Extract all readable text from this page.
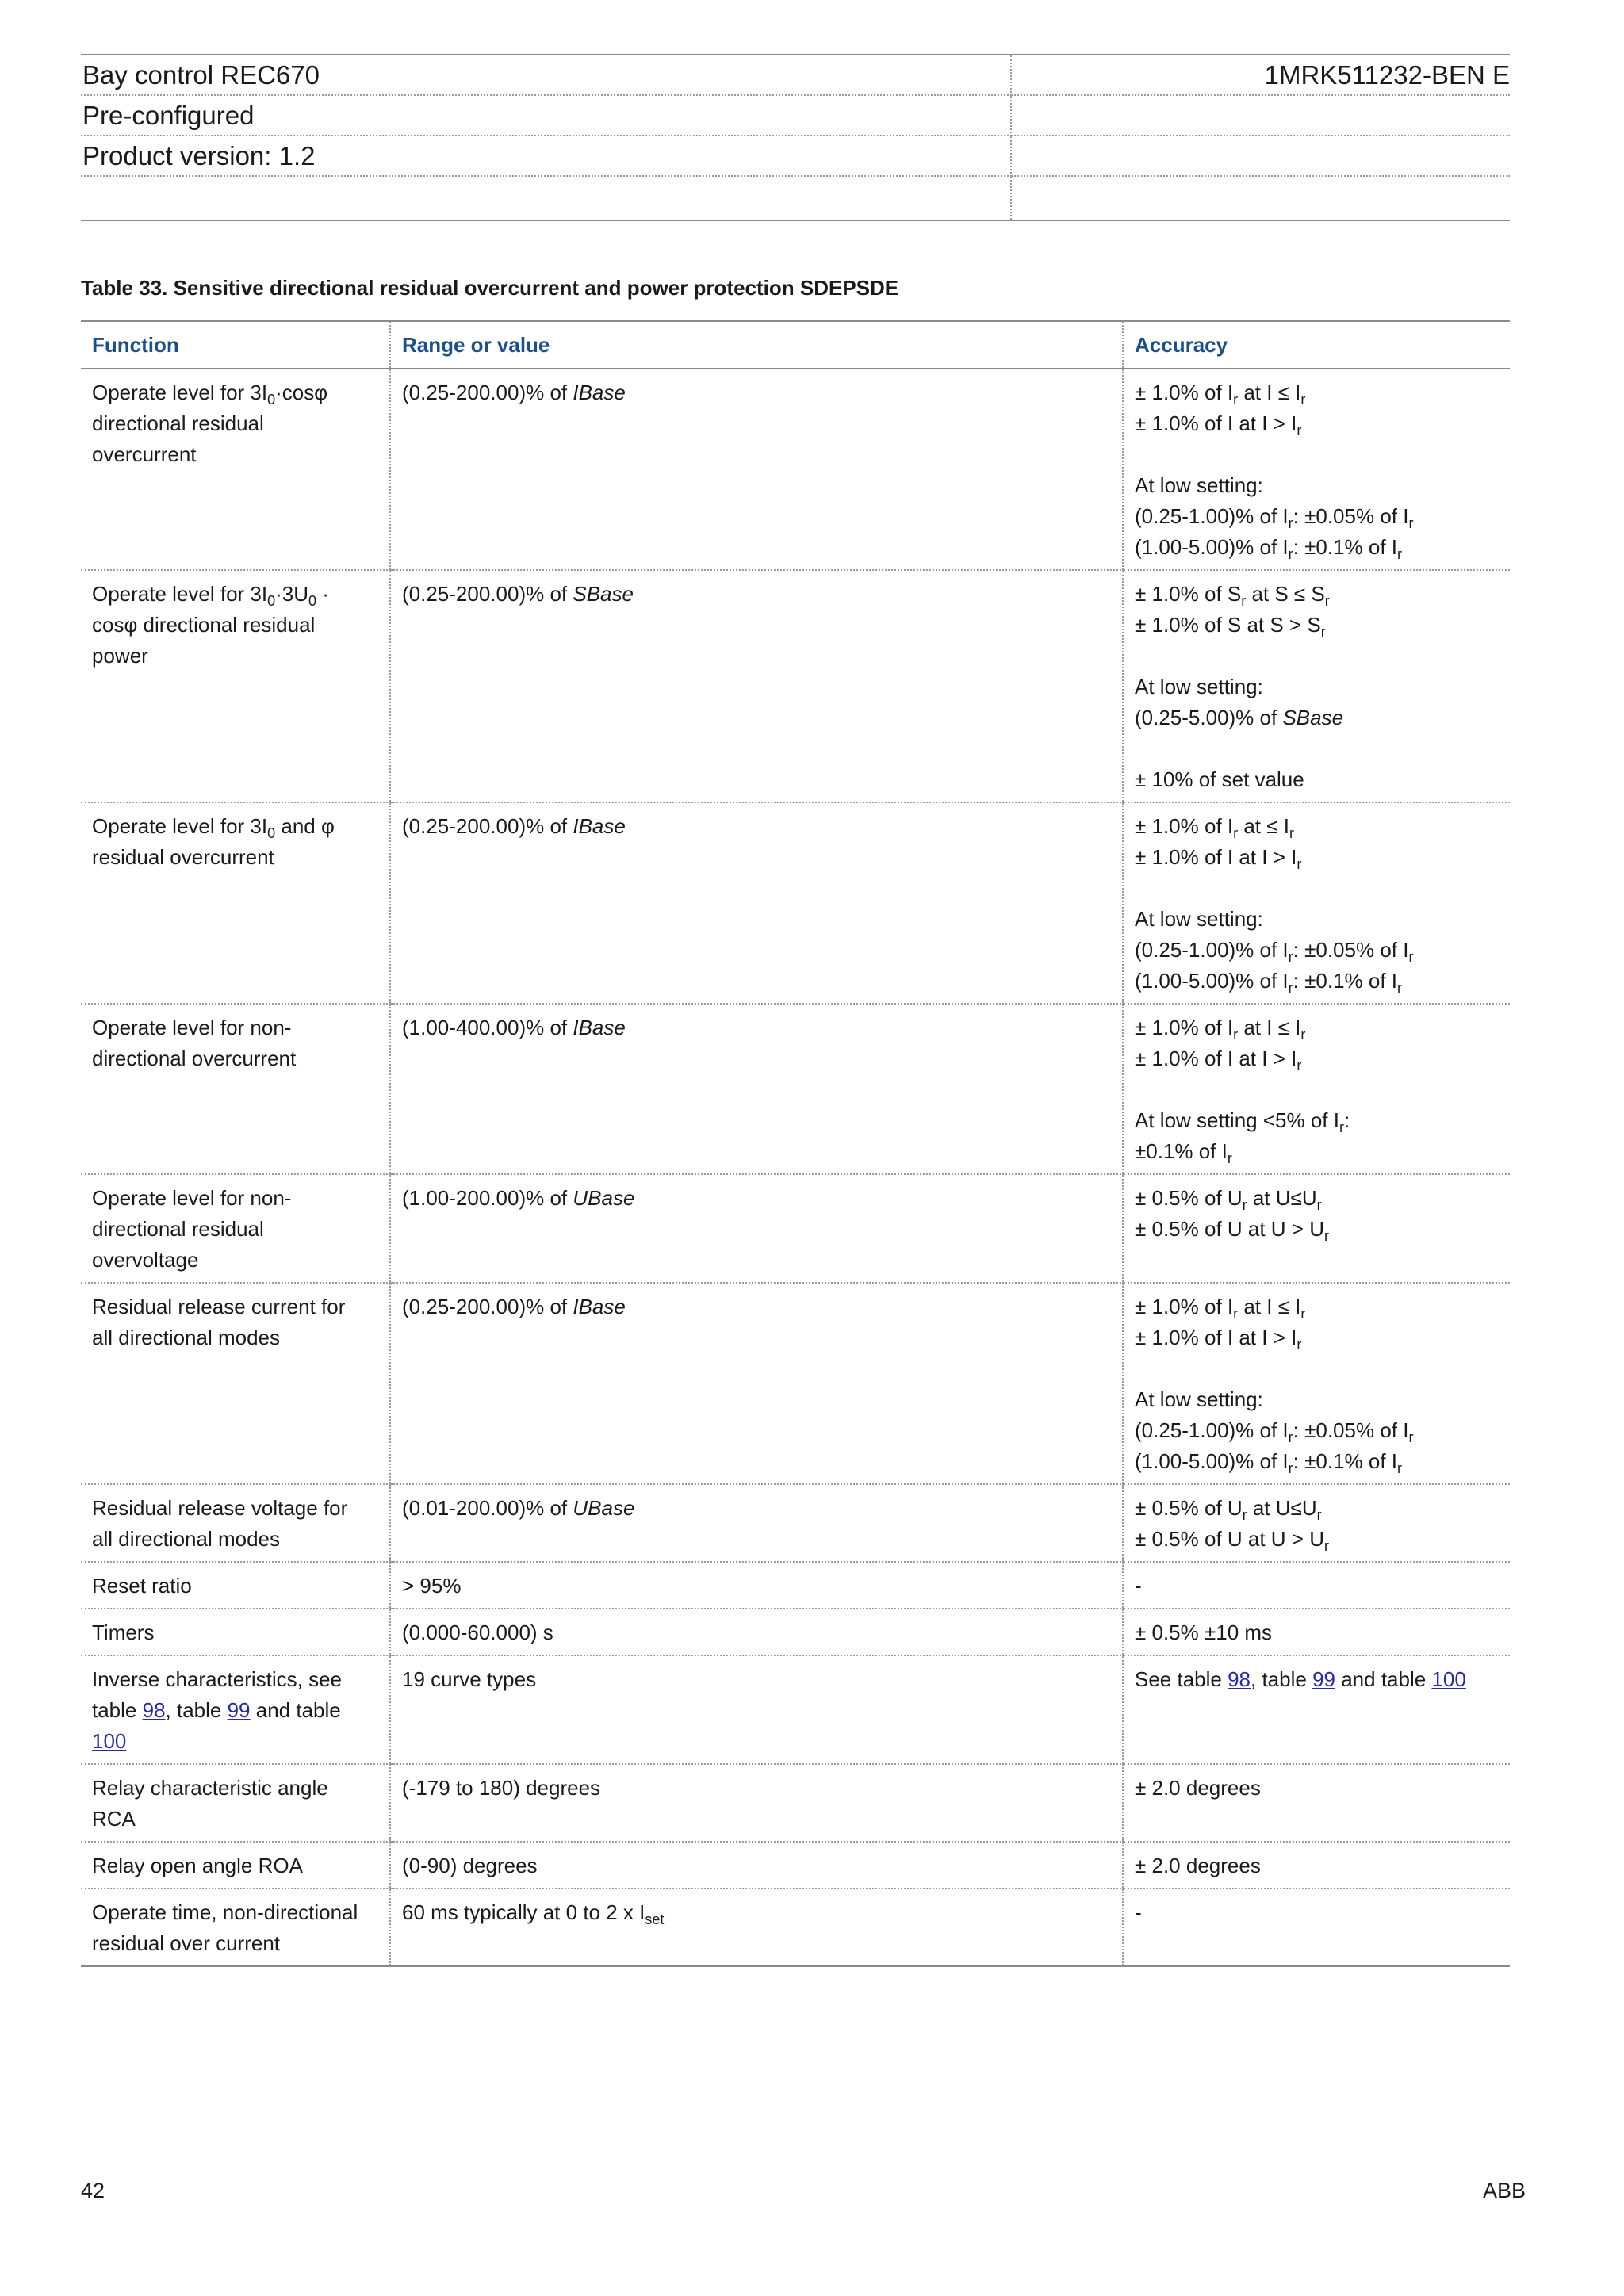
Bay control REC670	1MRK511232-BEN E
Pre-configured	
Product version: 1.2	

Table 33. Sensitive directional residual overcurrent and power protection SDEPSDE
Function	Range or value	Accuracy

Operate level for $3I_0\cdot\cos\varphi$
directional residual
overcurrent	(0.25-200.00)% of IBase	± 1.0% of $I_r$ at $I \le I_r$
± 1.0% of I at $I > I_r$
At low setting:
(0.25-1.00)% of $I_r$: ±0.05% of $I_r$
(1.00-5.00)% of $I_r$: ±0.1% of $I_r$

Operate level for $3I_0\cdot 3U_0$ ·
cosφ directional residual
power	(0.25-200.00)% of SBase	± 1.0% of $S_r$ at $S \le S_r$
± 1.0% of S at $S > S_r$
At low setting:
(0.25-5.00)% of SBase
± 10% of set value

Operate level for $3I_0$ and φ
residual overcurrent	(0.25-200.00)% of IBase	± 1.0% of $I_r$ at ≤ $I_r$
± 1.0% of I at $I > I_r$
At low setting:
(0.25-1.00)% of $I_r$: ±0.05% of $I_r$
(1.00-5.00)% of $I_r$: ±0.1% of $I_r$

Operate level for non-
directional overcurrent	(1.00-400.00)% of IBase	± 1.0% of $I_r$ at $I \le I_r$
± 1.0% of I at $I > I_r$
At low setting <5% of $I_r$:
±0.1% of $I_r$

Operate level for non-
directional residual
overvoltage	(1.00-200.00)% of UBase	± 0.5% of $U_r$ at $U\le U_r$
± 0.5% of U at $U > U_r$

Residual release current for
all directional modes	(0.25-200.00)% of IBase	± 1.0% of $I_r$ at $I \le I_r$
± 1.0% of I at $I > I_r$
At low setting:
(0.25-1.00)% of $I_r$: ±0.05% of $I_r$
(1.00-5.00)% of $I_r$: ±0.1% of $I_r$

Residual release voltage for
all directional modes	(0.01-200.00)% of UBase	± 0.5% of $U_r$ at $U\le U_r$
± 0.5% of U at $U > U_r$

Reset ratio	> 95%	-

Timers	(0.000-60.000) s	± 0.5% ±10 ms

Inverse characteristics, see
table 98, table 99 and table
100	19 curve types	See table 98, table 99 and table 100

Relay characteristic angle
RCA	(-179 to 180) degrees	± 2.0 degrees

Relay open angle ROA	(0-90) degrees	± 2.0 degrees

Operate time, non-directional
residual over current	60 ms typically at 0 to 2 x $I_{set}$	-
42	ABB
